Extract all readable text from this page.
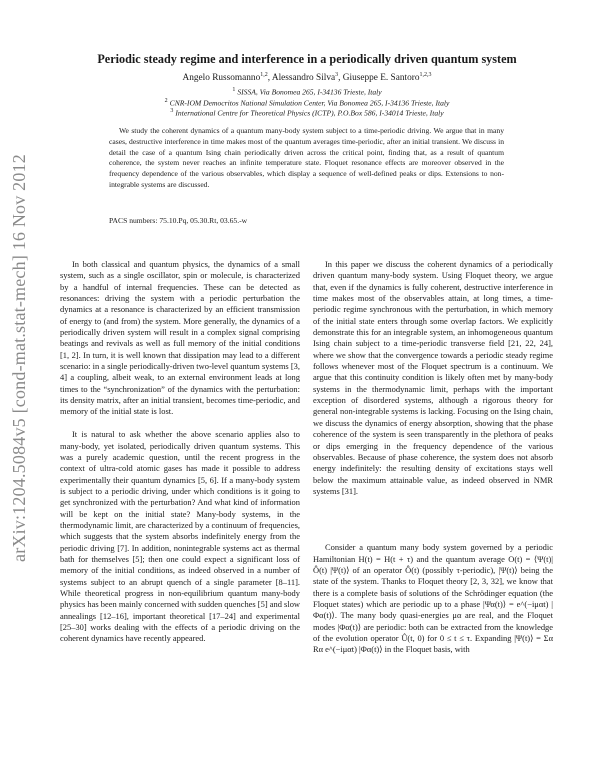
arXiv:1204.5084v5 [cond-mat.stat-mech] 16 Nov 2012
Periodic steady regime and interference in a periodically driven quantum system

Angelo Russomanno$^{1,2}$, Alessandro Silva$^3$, Giuseppe E. Santoro$^{1,2,3}$

$^1$ SISSA, Via Bonomea 265, I-34136 Trieste, Italy

$^2$ CNR-IOM Democritos National Simulation Center, Via Bonomea 265, I-34136 Trieste, Italy

$^3$ International Centre for Theoretical Physics (ICTP), P.O.Box 586, I-34014 Trieste, Italy

We study the coherent dynamics of a quantum many-body system subject to a time-periodic driving. We argue that in many cases, destructive interference in time makes most of the quantum averages time-periodic, after an initial transient. We discuss in detail the case of a quantum Ising chain periodically driven across the critical point, finding that, as a result of quantum coherence, the system never reaches an infinite temperature state. Floquet resonance effects are moreover observed in the frequency dependence of the various observables, which display a sequence of well-defined peaks or dips. Extensions to non-integrable systems are discussed.

PACS numbers: 75.10.Pq, 05.30.Rt, 03.65.-w

In both classical and quantum physics, the dynamics of a small system, such as a single oscillator, spin or molecule, is characterized by a handful of internal frequencies. These can be detected as resonances: driving the system with a periodic perturbation the dynamics at a resonance is characterized by an efficient transmission of energy to (and from) the system. More generally, the dynamics of a periodically driven system will result in a complex signal comprising beatings and revivals as well as full memory of the initial conditions [1, 2]. In turn, it is well known that dissipation may lead to a different scenario: in a single periodically-driven two-level quantum systems [3, 4] a coupling, albeit weak, to an external environment leads at long times to the “synchronization” of the dynamics with the perturbation: its density matrix, after an initial transient, becomes time-periodic, and memory of the initial state is lost.

It is natural to ask whether the above scenario applies also to many-body, yet isolated, periodically driven quantum systems. This was a purely academic question, until the recent progress in the context of ultra-cold atomic gases has made it possible to address experimentally their quantum dynamics [5, 6]. If a many-body system is subject to a periodic driving, under which conditions is it going to get synchronized with the perturbation? And what kind of information will be kept on the initial state? Many-body systems, in the thermodynamic limit, are characterized by a continuum of frequencies, which suggests that the system absorbs indefinitely energy from the periodic driving [7]. In addition, nonintegrable systems act as thermal bath for themselves [5]; then one could expect a significant loss of memory of the initial conditions, as indeed observed in a number of systems subject to an abrupt quench of a single parameter [8–11]. While theoretical progress in non-equilibrium quantum many-body physics has been mainly concerned with sudden quenches [5] and slow annealings [12–16], important theoretical [17–24] and experimental [25–30] works dealing with the effects of a periodic driving on the coherent dynamics have recently appeared.

In this paper we discuss the coherent dynamics of a periodically driven quantum many-body system. Using Floquet theory, we argue that, even if the dynamics is fully coherent, destructive interference in time makes most of the observables attain, at long times, a time-periodic regime synchronous with the perturbation, in which memory of the initial state enters through some overlap factors. We explicitly demonstrate this for an integrable system, an inhomogeneous quantum Ising chain subject to a time-periodic transverse field [21, 22, 24], where we show that the convergence towards a periodic steady regime follows whenever most of the Floquet spectrum is a continuum. We argue that this continuity condition is likely often met by many-body systems in the thermodynamic limit, perhaps with the important exception of disordered systems, although a rigorous theory for general non-integrable systems is lacking. Focusing on the Ising chain, we discuss the dynamics of energy absorption, showing that the phase coherence of the system is seen transparently in the plethora of peaks or dips emerging in the frequency dependence of the various observables. Because of phase coherence, the system does not absorb energy indefinitely: the resulting density of excitations stays well below the maximum attainable value, as indeed observed in NMR systems [31].

Consider a quantum many body system governed by a periodic Hamiltonian H(t) = H(t + τ) and the quantum average O(t) = ⟨Ψ(t)| Ô(t) |Ψ(t)⟩ of an operator Ô(t) (possibly τ-periodic), |Ψ(t)⟩ being the state of the system. Thanks to Floquet theory [2, 3, 32], we know that there is a complete basis of solutions of the Schrödinger equation (the Floquet states) which are periodic up to a phase |Ψα(t)⟩ = e^(−iμαt) |Φα(t)⟩. The many body quasi-energies μα are real, and the Floquet modes |Φα(t)⟩ are periodic: both can be extracted from the knowledge of the evolution operator Û(t, 0) for 0 ≤ t ≤ τ. Expanding |Ψ(t)⟩ = Σα Rα e^(−iμαt) |Φα(t)⟩ in the Floquet basis, with
